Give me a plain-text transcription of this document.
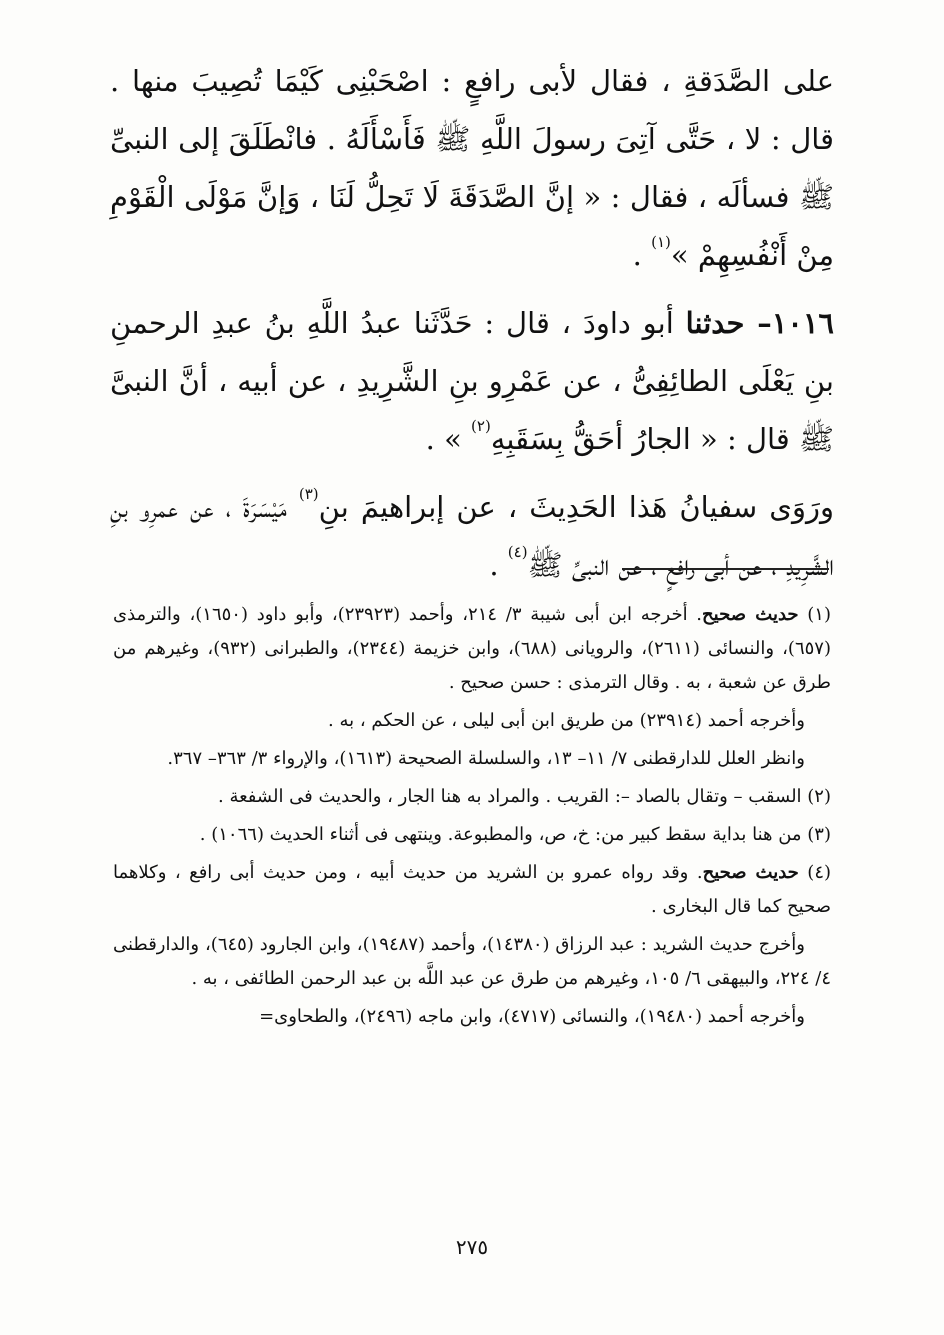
على الصَّدَقةِ ، فقال لأبى رافعٍ : اصْحَبْنِى كَيْمَا تُصِيبَ منها . قال : لا ، حَتَّى آتِىَ رسولَ اللَّهِ ﷺ فَأَسْأَلَهُ . فانْطَلَقَ إلى النبىِّ ﷺ فسألَه ، فقال : « إنَّ الصَّدَقَةَ لَا تَحِلُّ لَنَا ، وَإنَّ مَوْلَى الْقَوْمِ مِنْ أَنْفُسِهِمْ »$^{(١)}$ .

١٠١٦– حدثنا أبو داودَ ، قال : حَدَّثَنا عبدُ اللَّهِ بنُ عبدِ الرحمنِ بنِ يَعْلَى الطائِفِىُّ ، عن عَمْرِو بنِ الشَّرِيدِ ، عن أبيه ، أنَّ النبىَّ ﷺ قال : « الجارُ أحَقُّ بِسَقَبِهِ$^{(٢)}$ » .

ورَوَى سفيانُ هَذا الحَدِيثَ ، عن إبراهيمَ بنِ$^{(٣)}$ مَيْسَرَةَ ، عن عمرِو بنِ الشَّرِيدِ ، عن أبى رافعٍ ، عن النبىِّ ﷺ$^{(٤)}$ .

(١) حديث صحيح. أخرجه ابن أبى شيبة ٣/ ٢١٤، وأحمد (٢٣٩٢٣)، وأبو داود (١٦٥٠)، والترمذى (٦٥٧)، والنسائى (٢٦١١)، والرويانى (٦٨٨)، وابن خزيمة (٢٣٤٤)، والطبرانى (٩٣٢)، وغيرهم من طرق عن شعبة ، به . وقال الترمذى : حسن صحيح .

وأخرجه أحمد (٢٣٩١٤) من طريق ابن أبى ليلى ، عن الحكم ، به .

وانظر العلل للدارقطنى ٧/ ١١– ١٣، والسلسلة الصحيحة (١٦١٣)، والإرواء ٣/ ٣٦٣– ٣٦٧.

(٢) السقب – وتقال بالصاد –: القريب . والمراد به هنا الجار ، والحديث فى الشفعة .

(٣) من هنا بداية سقط كبير من: خ، ص، والمطبوعة. وينتهى فى أثناء الحديث (١٠٦٦) .

(٤) حديث صحيح. وقد رواه عمرو بن الشريد من حديث أبيه ، ومن حديث أبى رافع ، وكلاهما صحيح كما قال البخارى .

وأخرج حديث الشريد : عبد الرزاق (١٤٣٨٠)، وأحمد (١٩٤٨٧)، وابن الجارود (٦٤٥)، والدارقطنى ٤/ ٢٢٤، والبيهقى ٦/ ١٠٥، وغيرهم من طرق عن عبد اللَّه بن عبد الرحمن الطائفى ، به .

وأخرجه أحمد (١٩٤٨٠)، والنسائى (٤٧١٧)، وابن ماجه (٢٤٩٦)، والطحاوى=

٢٧٥
